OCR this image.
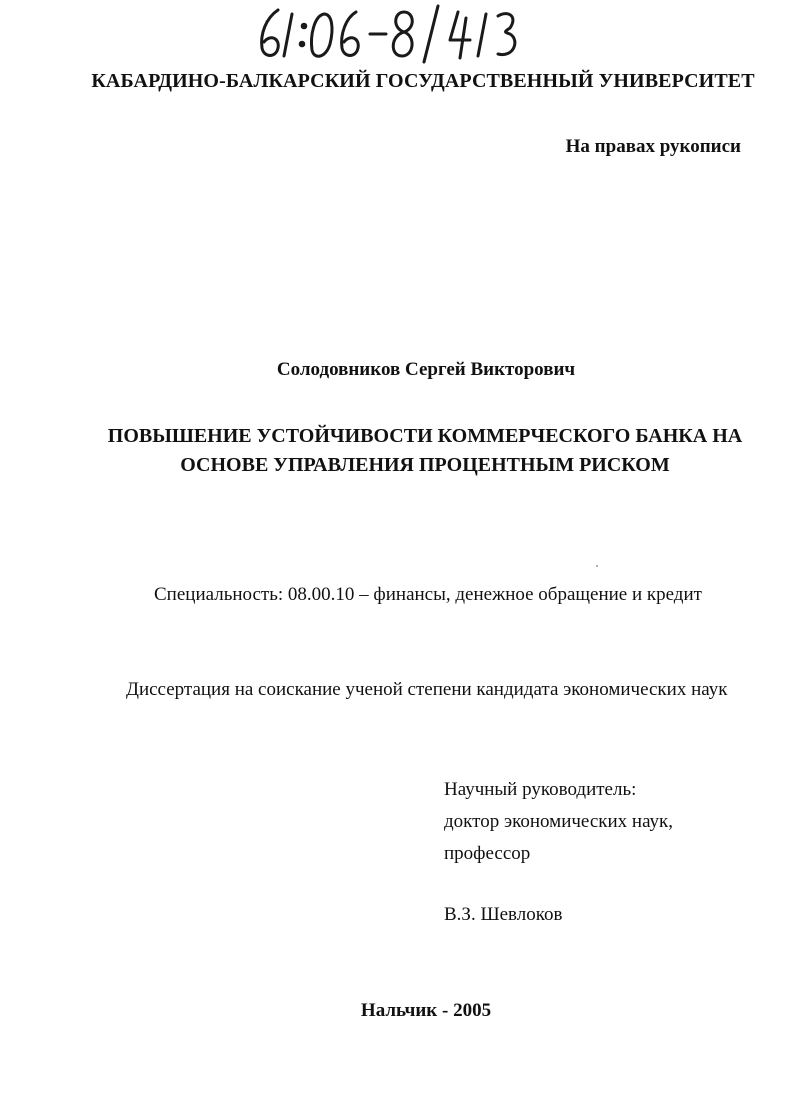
КАБАРДИНО-БАЛКАРСКИЙ ГОСУДАРСТВЕННЫЙ УНИВЕРСИТЕТ
На правах рукописи
Солодовников Сергей Викторович
ПОВЫШЕНИЕ УСТОЙЧИВОСТИ КОММЕРЧЕСКОГО БАНКА НА
ОСНОВЕ УПРАВЛЕНИЯ ПРОЦЕНТНЫМ РИСКОМ
Специальность: 08.00.10 – финансы, денежное обращение и кредит
Диссертация на соискание ученой степени кандидата экономических наук
Научный руководитель:
доктор экономических наук,
профессор
В.З. Шевлоков
Нальчик - 2005
